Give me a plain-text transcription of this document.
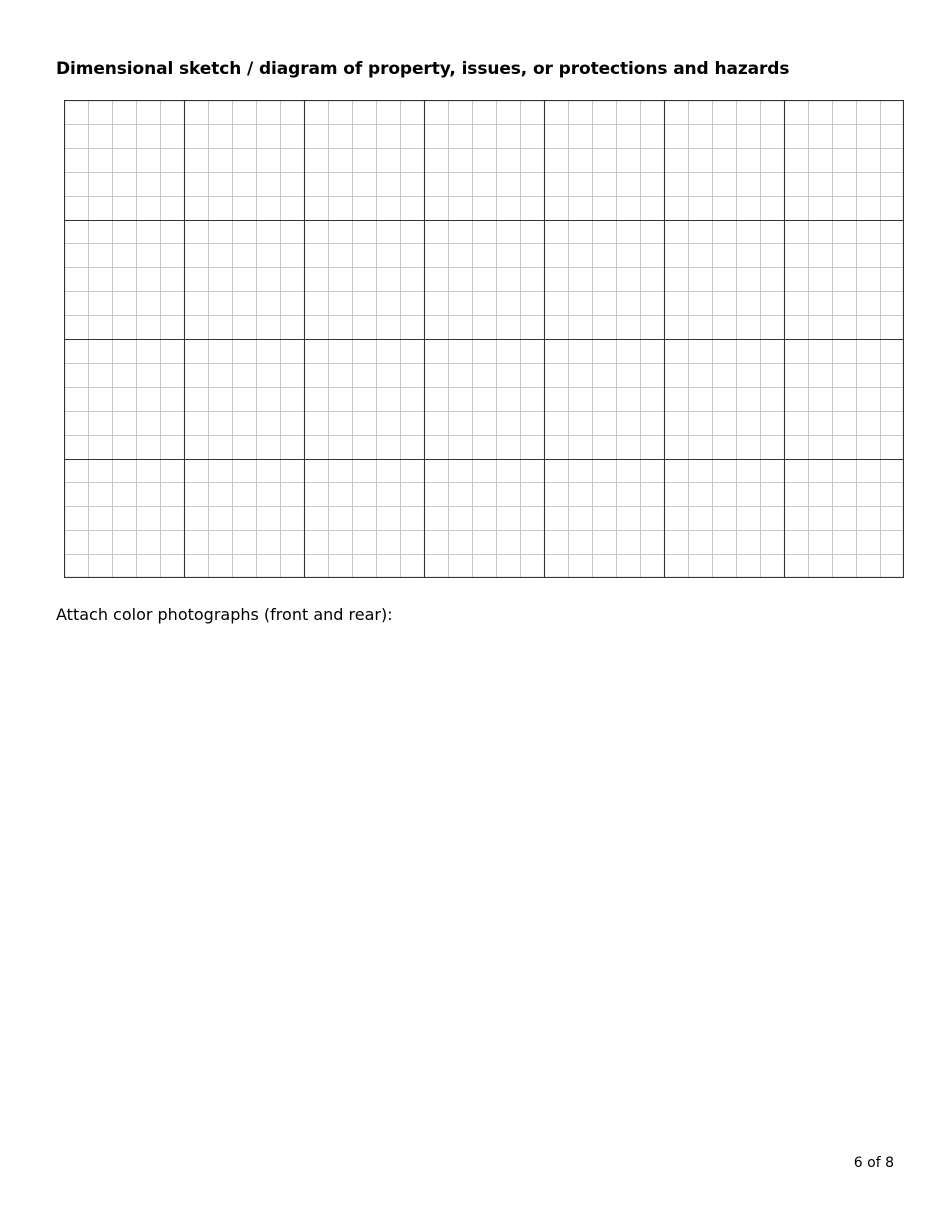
Dimensional sketch / diagram of property, issues, or protections and hazards
Attach color photographs (front and rear):
6 of 8
